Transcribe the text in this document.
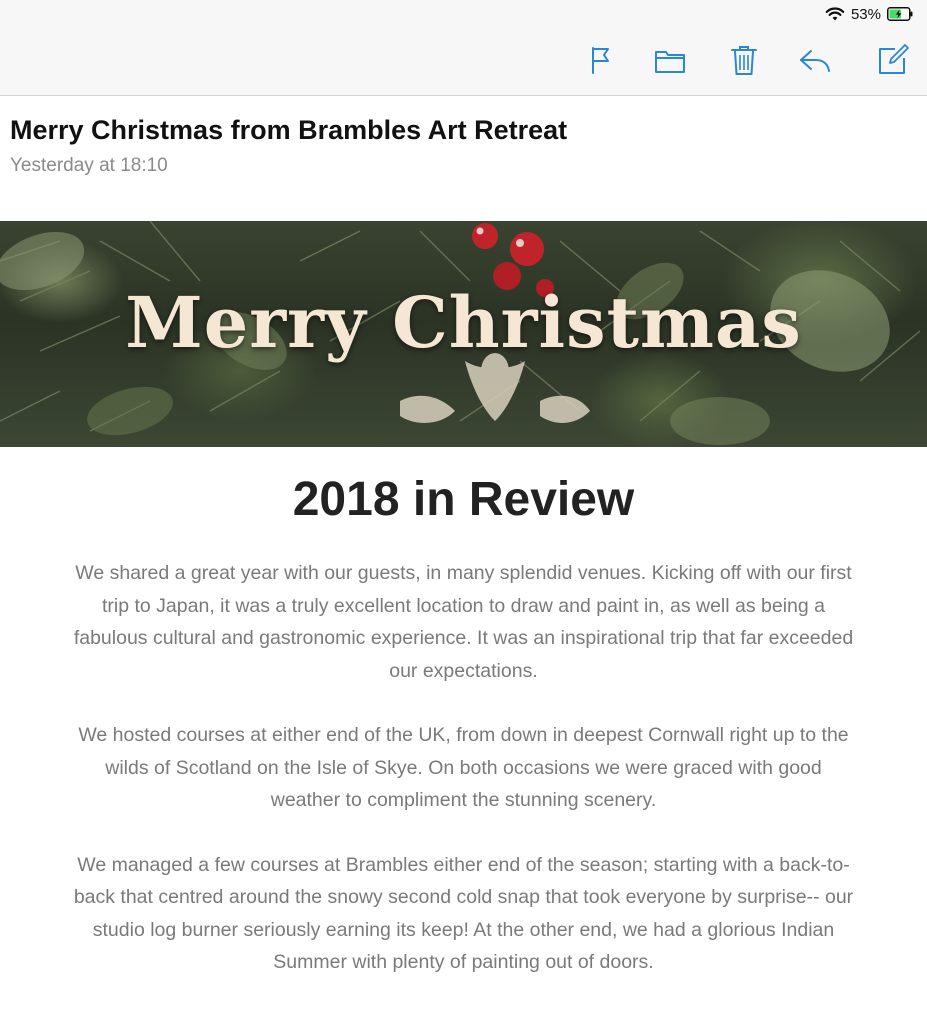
53%
Merry Christmas from Brambles Art Retreat
Yesterday at 18:10
Merry Christmas
2018 in Review

We shared a great year with our guests, in many splendid venues. Kicking off with our first trip to Japan, it was a truly excellent location to draw and paint in, as well as being a fabulous cultural and gastronomic experience. It was an inspirational trip that far exceeded our expectations.

We hosted courses at either end of the UK, from down in deepest Cornwall right up to the wilds of Scotland on the Isle of Skye. On both occasions we were graced with good weather to compliment the stunning scenery.

We managed a few courses at Brambles either end of the season; starting with a back-to-back that centred around the snowy second cold snap that took everyone by surprise-- our studio log burner seriously earning its keep! At the other end, we had a glorious Indian Summer with plenty of painting out of doors.
